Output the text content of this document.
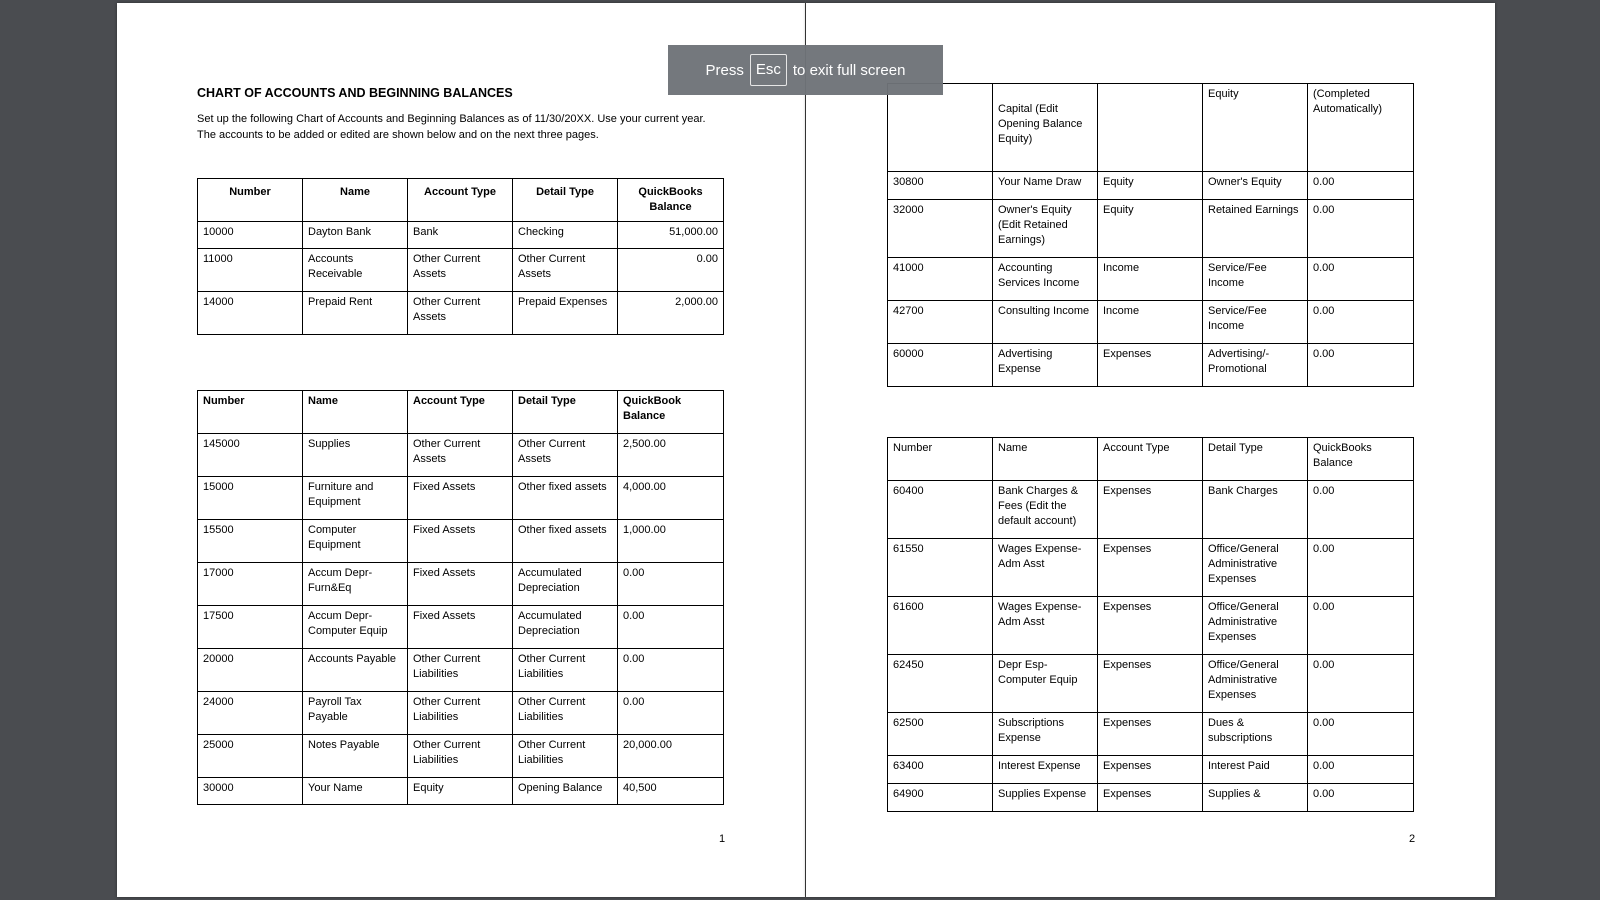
CHART OF ACCOUNTS AND BEGINNING BALANCES
Set up the following Chart of Accounts and Beginning Balances as of 11/30/20XX. Use your current year.
The accounts to be added or edited are shown below and on the next three pages.
Number	Name	Account Type	Detail Type	QuickBooks Balance
10000	Dayton Bank	Bank	Checking	51,000.00
11000	Accounts Receivable	Other Current Assets	Other Current Assets	0.00
14000	Prepaid Rent	Other Current Assets	Prepaid Expenses	2,000.00
Number	Name	Account Type	Detail Type	QuickBook Balance
145000	Supplies	Other Current Assets	Other Current Assets	2,500.00
15000	Furniture and Equipment	Fixed Assets	Other fixed assets	4,000.00
15500	Computer Equipment	Fixed Assets	Other fixed assets	1,000.00
17000	Accum Depr-Furn&Eq	Fixed Assets	Accumulated Depreciation	0.00
17500	Accum Depr-Computer Equip	Fixed Assets	Accumulated Depreciation	0.00
20000	Accounts Payable	Other Current Liabilities	Other Current Liabilities	0.00
24000	Payroll Tax Payable	Other Current Liabilities	Other Current Liabilities	0.00
25000	Notes Payable	Other Current Liabilities	Other Current Liabilities	20,000.00
30000	Your Name	Equity	Opening Balance	40,500
1
	Capital (Edit Opening Balance Equity)		Equity	(Completed Automatically)
30800	Your Name Draw	Equity	Owner's Equity	0.00
32000	Owner's Equity (Edit Retained Earnings)	Equity	Retained Earnings	0.00
41000	Accounting Services Income	Income	Service/Fee Income	0.00
42700	Consulting Income	Income	Service/Fee Income	0.00
60000	Advertising Expense	Expenses	Advertising/-Promotional	0.00
Number	Name	Account Type	Detail Type	QuickBooks Balance
60400	Bank Charges & Fees (Edit the default account)	Expenses	Bank Charges	0.00
61550	Wages Expense-Adm Asst	Expenses	Office/General Administrative Expenses	0.00
61600	Wages Expense-Adm Asst	Expenses	Office/General Administrative Expenses	0.00
62450	Depr Esp-Computer Equip	Expenses	Office/General Administrative Expenses	0.00
62500	Subscriptions Expense	Expenses	Dues & subscriptions	0.00
63400	Interest Expense	Expenses	Interest Paid	0.00
64900	Supplies Expense	Expenses	Supplies &	0.00
2
Press Esc to exit full screen
